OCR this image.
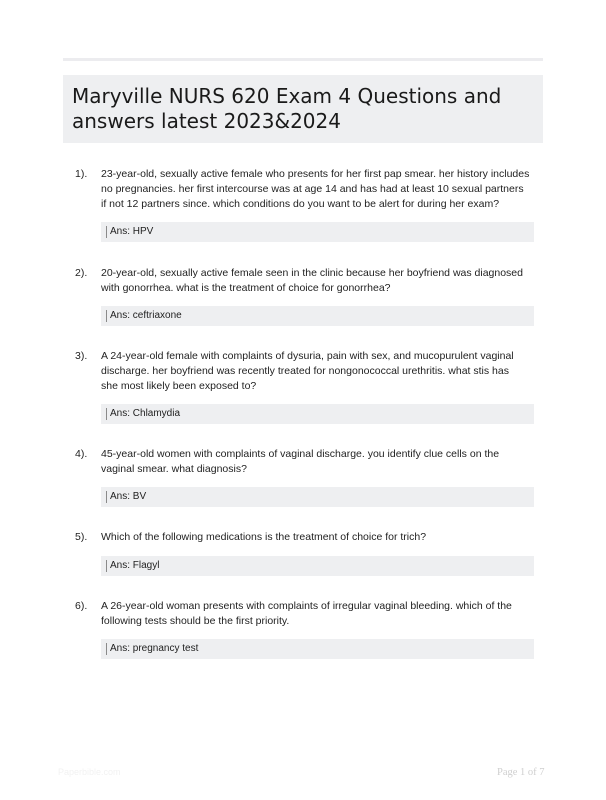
Maryville NURS 620 Exam 4 Questions and
answers latest 2023&2024
1). 23-year-old, sexually active female who presents for her first pap smear. her history includes
no pregnancies. her first intercourse was at age 14 and has had at least 10 sexual partners
if not 12 partners since. which conditions do you want to be alert for during her exam?
Ans: HPV
2). 20-year-old, sexually active female seen in the clinic because her boyfriend was diagnosed
with gonorrhea. what is the treatment of choice for gonorrhea?
Ans: ceftriaxone
3). A 24-year-old female with complaints of dysuria, pain with sex, and mucopurulent vaginal
discharge. her boyfriend was recently treated for nongonococcal urethritis. what stis has
she most likely been exposed to?
Ans: Chlamydia
4). 45-year-old women with complaints of vaginal discharge. you identify clue cells on the
vaginal smear. what diagnosis?
Ans: BV
5). Which of the following medications is the treatment of choice for trich?
Ans: Flagyl
6). A 26-year-old woman presents with complaints of irregular vaginal bleeding. which of the
following tests should be the first priority.
Ans: pregnancy test
Paperbible.com	Page 1 of 7
